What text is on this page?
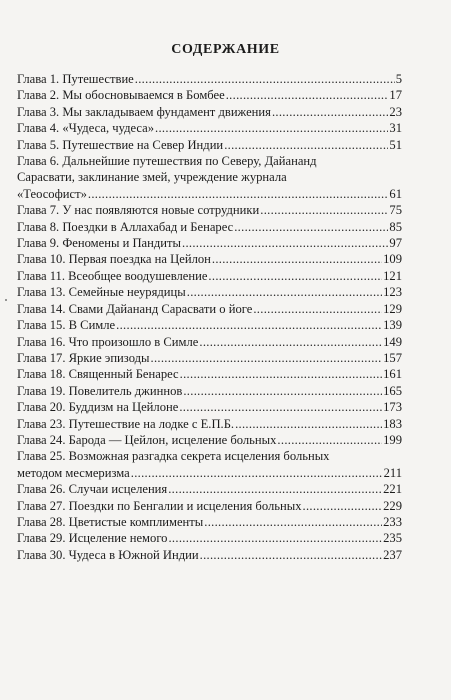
СОДЕРЖАНИЕ
Глава 1. Путешествие .....	5
Глава 2. Мы обосновываемся в Бомбее .....	17
Глава 3. Мы закладываем фундамент движения .....	23
Глава 4. «Чудеса, чудеса» .....	31
Глава 5. Путешествие на Север Индии .....	51
Глава 6. Дальнейшие путешествия по Северу, Дайананд
Сарасвати, заклинание змей, учреждение журнала
«Теософист» .....	61
Глава 7. У нас появляются новые сотрудники .....	75
Глава 8. Поездки в Аллахабад и Бенарес .....	85
Глава 9. Феномены и Пандиты .....	97
Глава 10. Первая поездка на Цейлон .....	109
Глава 11. Всеобщее воодушевление .....	121
Глава 13. Семейные неурядицы .....	123
Глава 14. Свами Дайананд Сарасвати о йоге .....	129
Глава 15. В Симле .....	139
Глава 16. Что произошло в Симле .....	149
Глава 17. Яркие эпизоды .....	157
Глава 18. Священный Бенарес .....	161
Глава 19. Повелитель джиннов .....	165
Глава 20. Буддизм на Цейлоне .....	173
Глава 23. Путешествие на лодке с Е.П.Б. .....	183
Глава 24. Барода — Цейлон, исцеление больных .....	199
Глава 25. Возможная разгадка секрета исцеления больных
методом месмеризма .....	211
Глава 26. Случаи исцеления .....	221
Глава 27. Поездки по Бенгалии и исцеления больных .....	229
Глава 28. Цветистые комплименты .....	233
Глава 29. Исцеление немого .....	235
Глава 30. Чудеса в Южной Индии .....	237
